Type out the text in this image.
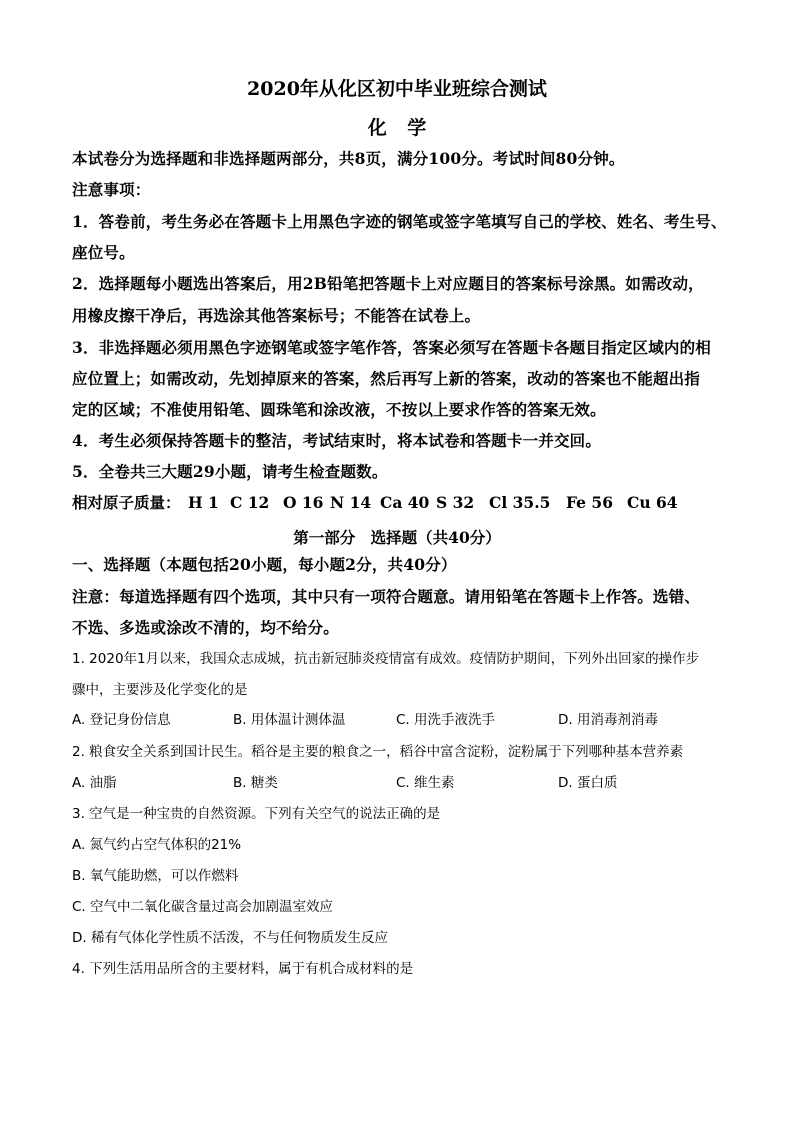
2020年从化区初中毕业班综合测试
化 学
本试卷分为选择题和非选择题两部分，共8页，满分100分。考试时间80分钟。
注意事项：
1．答卷前，考生务必在答题卡上用黑色字迹的钢笔或签字笔填写自己的学校、姓名、考生号、
座位号。
2．选择题每小题选出答案后，用2B铅笔把答题卡上对应题目的答案标号涂黑。如需改动，
用橡皮擦干净后，再选涂其他答案标号；不能答在试卷上。
3．非选择题必须用黑色字迹钢笔或签字笔作答，答案必须写在答题卡各题目指定区域内的相
应位置上；如需改动，先划掉原来的答案，然后再写上新的答案，改动的答案也不能超出指
定的区域；不准使用铅笔、圆珠笔和涂改液，不按以上要求作答的答案无效。
4．考生必须保持答题卡的整洁，考试结束时，将本试卷和答题卡一并交回。
5．全卷共三大题29小题，请考生检查题数。
相对原子质量： H 1 C 12 O 16 N 14 Ca 40 S 32 Cl 35.5 Fe 56 Cu 64
第一部分 选择题（共40分）
一、选择题（本题包括20小题，每小题2分，共40分）
注意：每道选择题有四个选项，其中只有一项符合题意。请用铅笔在答题卡上作答。选错、
不选、多选或涂改不清的，均不给分。
1. 2020年1月以来，我国众志成城，抗击新冠肺炎疫情富有成效。疫情防护期间，下列外出回家的操作步
骤中，主要涉及化学变化的是
A. 登记身份信息	B. 用体温计测体温	C. 用洗手液洗手	D. 用消毒剂消毒
2. 粮食安全关系到国计民生。稻谷是主要的粮食之一，稻谷中富含淀粉，淀粉属于下列哪种基本营养素
A. 油脂	B. 糖类	C. 维生素	D. 蛋白质
3. 空气是一种宝贵的自然资源。下列有关空气的说法正确的是
A. 氮气约占空气体积的21%
B. 氧气能助燃，可以作燃料
C. 空气中二氧化碳含量过高会加剧温室效应
D. 稀有气体化学性质不活泼，不与任何物质发生反应
4. 下列生活用品所含的主要材料，属于有机合成材料的是
